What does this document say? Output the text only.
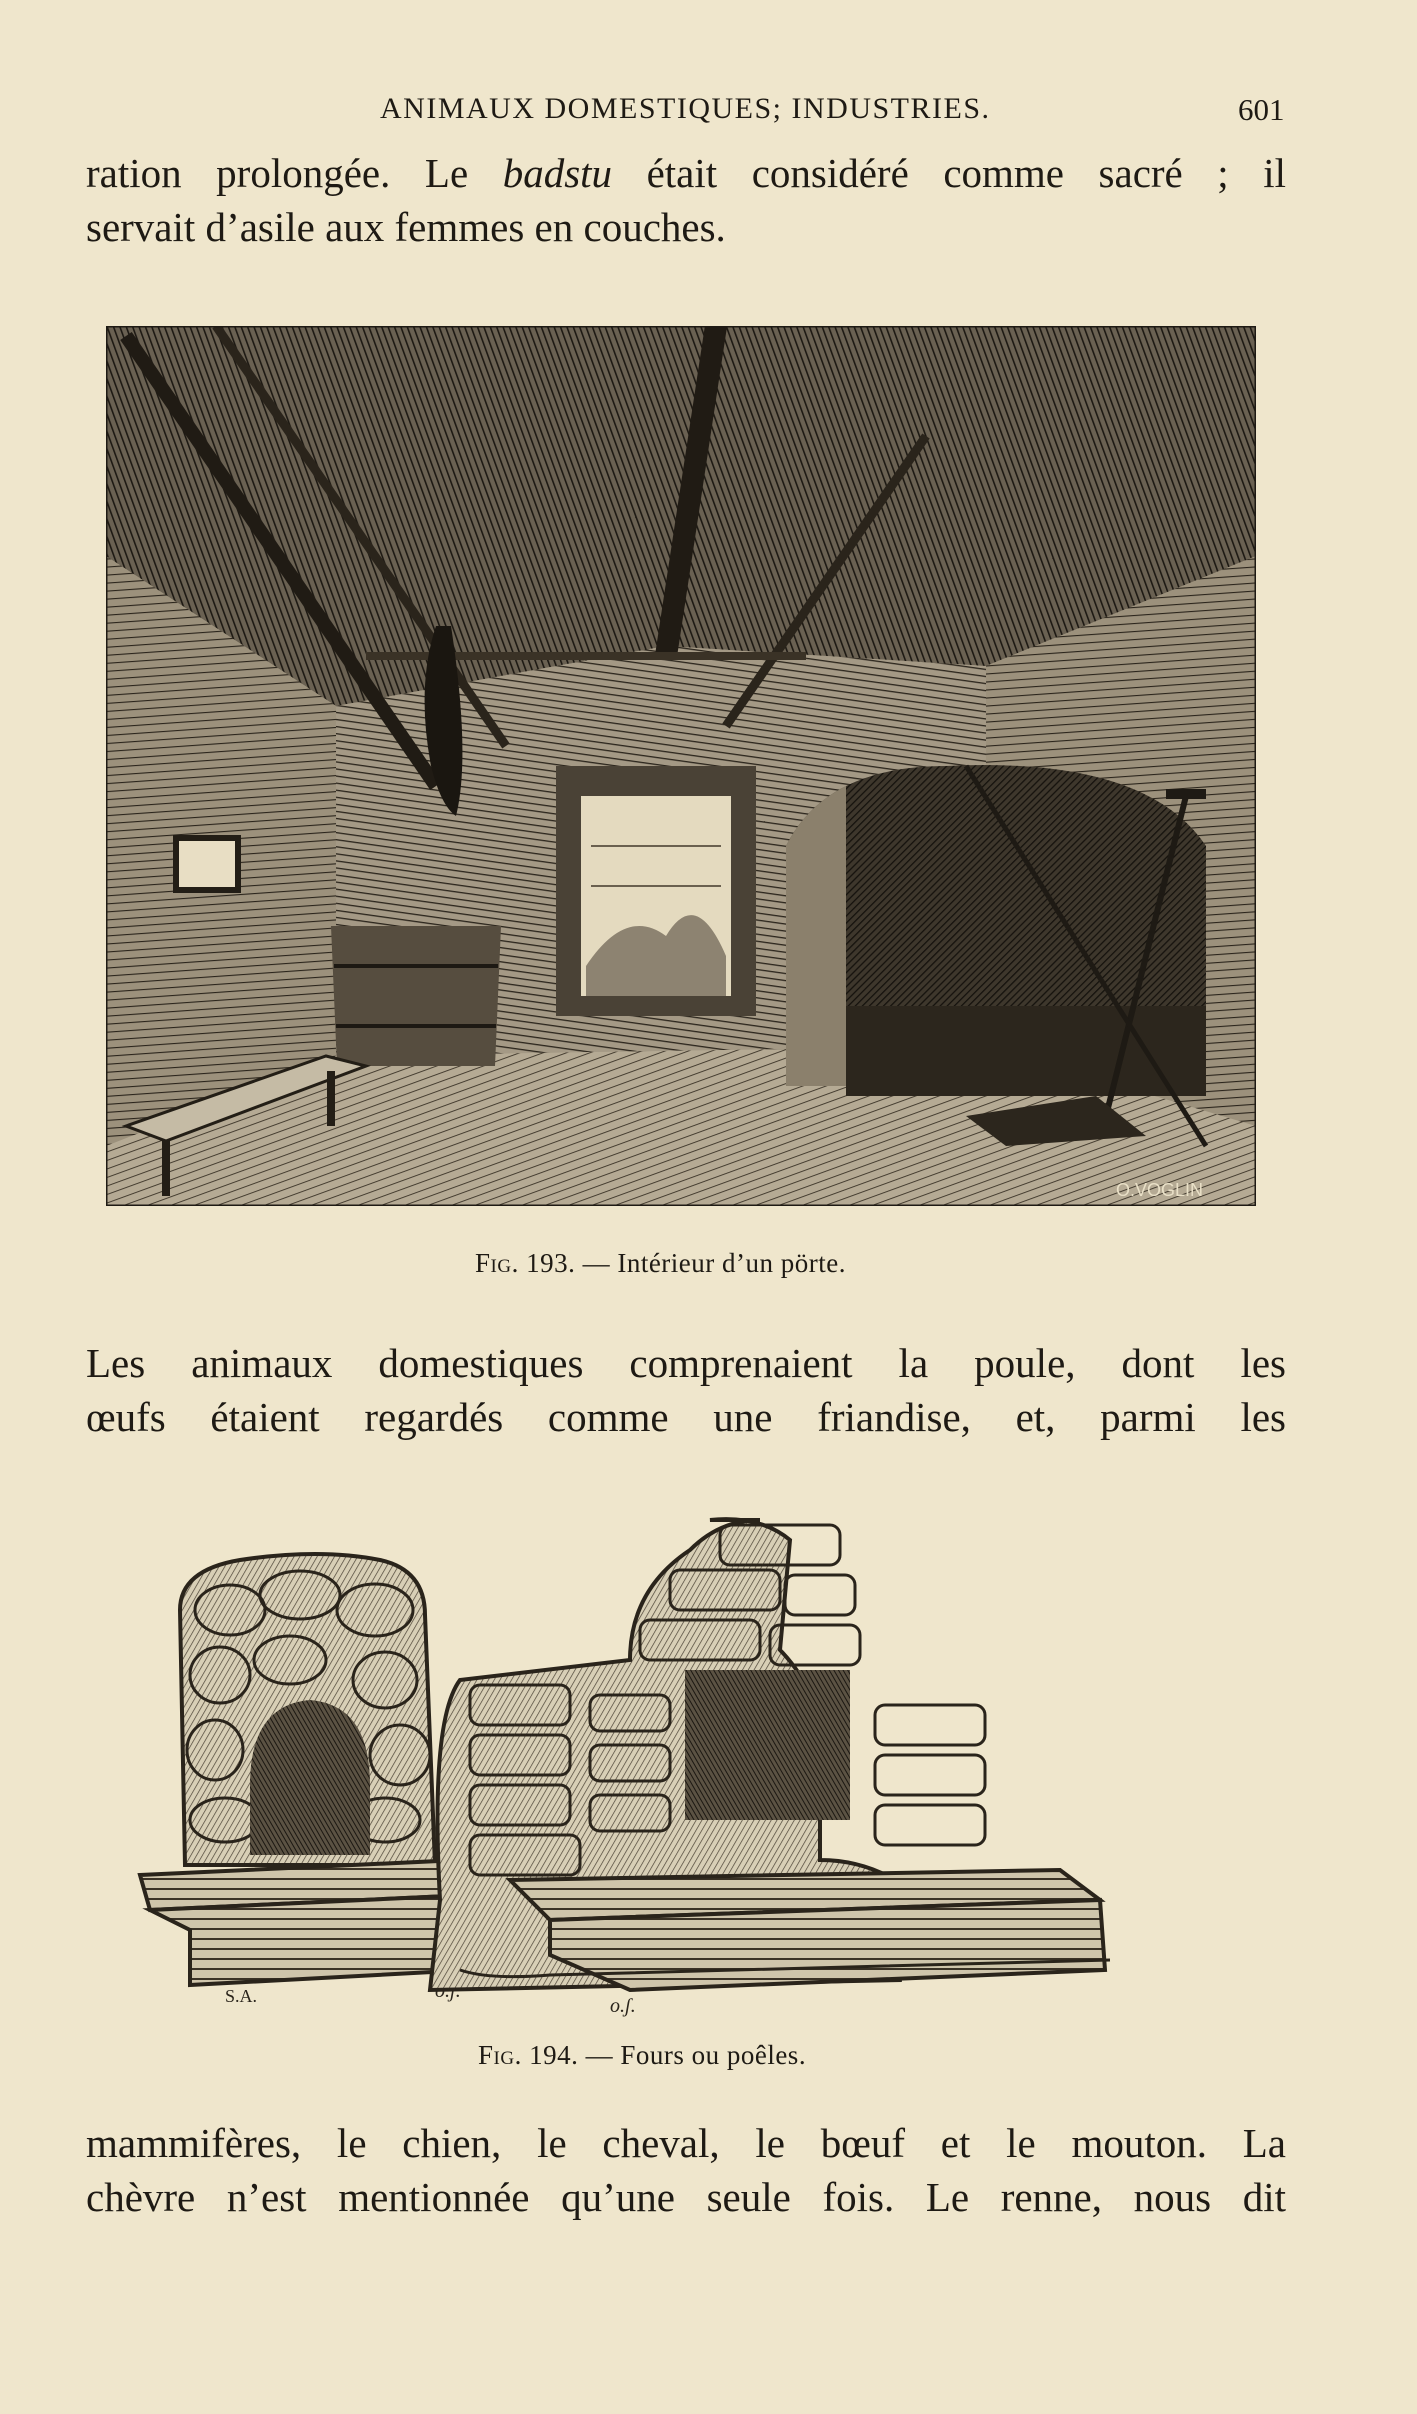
ANIMAUX DOMESTIQUES; INDUSTRIES.	601
ration prolongée. Le badstu était considéré comme sacré ; il
servait d’asile aux femmes en couches.
O.VOGLIN
Fig. 193. — Intérieur d’un pörte.
Les animaux domestiques comprenaient la poule, dont les
œufs étaient regardés comme une friandise, et, parmi les
S.A.	o.ʃ.
Fig. 194. — Fours ou poêles.
mammifères, le chien, le cheval, le bœuf et le mouton. La
chèvre n’est mentionnée qu’une seule fois. Le renne, nous dit
